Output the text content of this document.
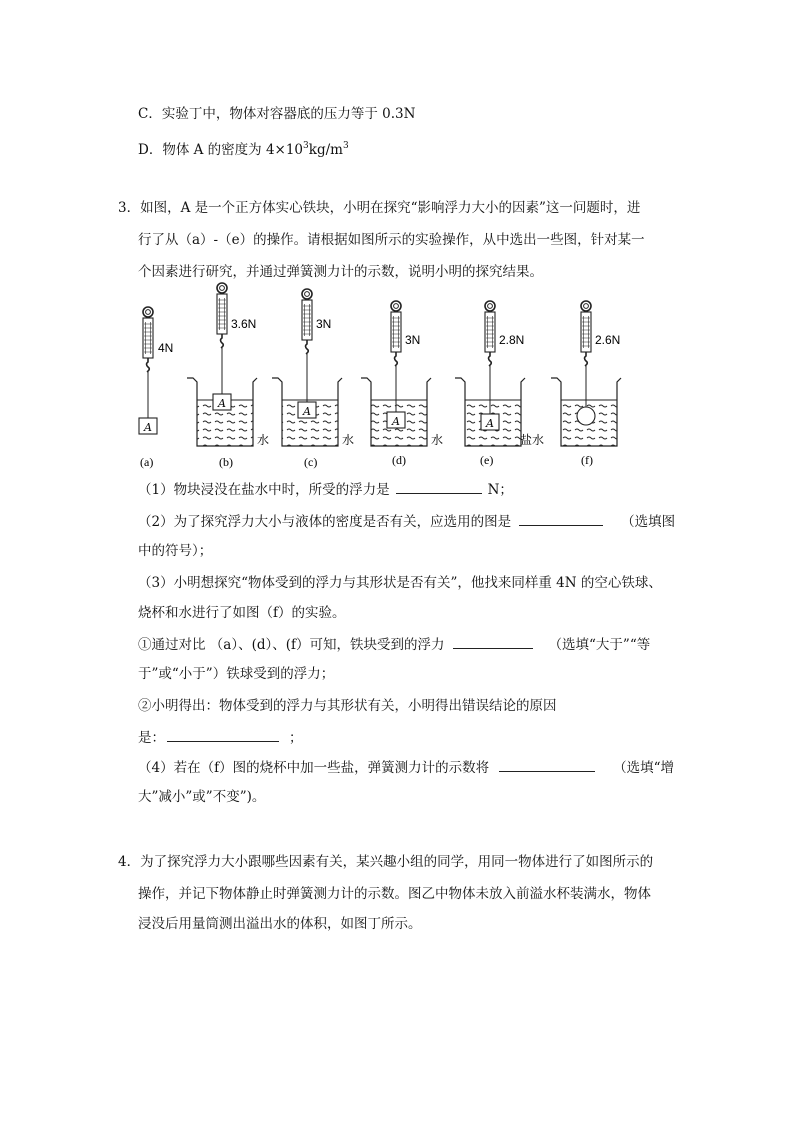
C．实验丁中，物体对容器底的压力等于 0.3N
D．物体 A 的密度为 $4\times 10^3kg/m^3$
3．如图，A 是一个正方体实心铁块，小明在探究“影响浮力大小的因素”这一问题时，进
行了从（a）-（e）的操作。请根据如图所示的实验操作，从中选出一些图，针对某一
个因素进行研究，并通过弹簧测力计的示数，说明小明的探究结果。
A
4N
(a)
A
3.6N
水
(b)
A
3N
水
(c)
A
3N
水
(d)
A
2.8N
盐水
(e)
2.6N
(f)
（1）物块浸没在盐水中时，所受的浮力是	N；
（2）为了探究浮力大小与液体的密度是否有关，应选用的图是	（选填图
中的符号）；
（3）小明想探究“物体受到的浮力与其形状是否有关”，他找来同样重 4N 的空心铁球、
烧杯和水进行了如图（f）的实验。
①通过对比 （a）、(d）、(f）可知，铁块受到的浮力	（选填“大于”“等
于”或“小于”）铁球受到的浮力；
②小明得出：物体受到的浮力与其形状有关，小明得出错误结论的原因
是：	；
（4）若在（f）图的烧杯中加一些盐，弹簧测力计的示数将	（选填“增
大”减小”或”不变”)。
4．为了探究浮力大小跟哪些因素有关，某兴趣小组的同学，用同一物体进行了如图所示的
操作，并记下物体静止时弹簧测力计的示数。图乙中物体未放入前溢水杯装满水，物体
浸没后用量筒测出溢出水的体积，如图丁所示。
